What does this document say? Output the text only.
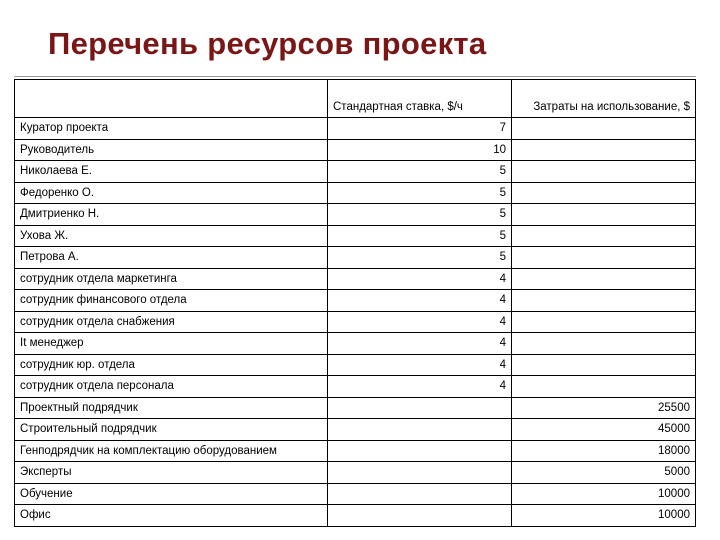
Перечень ресурсов проекта
	Стандартная ставка, $/ч	Затраты на использование, $
Куратор проекта	7	
Руководитель	10	
Николаева Е.	5	
Федоренко О.	5	
Дмитриенко Н.	5	
Ухова Ж.	5	
Петрова А.	5	
сотрудник отдела маркетинга	4	
сотрудник финансового отдела	4	
сотрудник отдела снабжения	4	
It менеджер	4	
сотрудник юр. отдела	4	
сотрудник отдела персонала	4	
Проектный подрядчик		25500
Строительный подрядчик		45000
Генподрядчик на комплектацию оборудованием		18000
Эксперты		5000
Обучение		10000
Офис		10000
